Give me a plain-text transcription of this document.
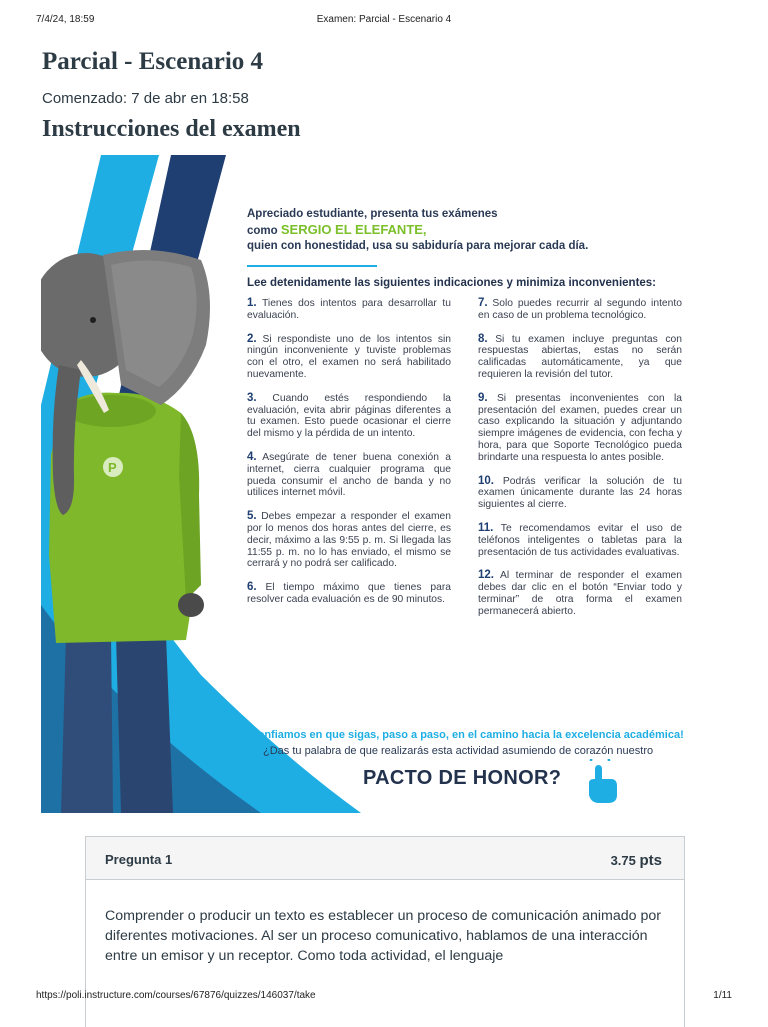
7/4/24, 18:59	Examen: Parcial - Escenario 4
Parcial - Escenario 4
Comenzado: 7 de abr en 18:58
Instrucciones del examen
P
Apreciado estudiante, presenta tus exámenes
como SERGIO EL ELEFANTE,
quien con honestidad, usa su sabiduría para mejorar cada día.
Lee detenidamente las siguientes indicaciones y minimiza inconvenientes:
1. Tienes dos intentos para desarrollar tu evaluación.
2. Si respondiste uno de los intentos sin ningún inconveniente y tuviste problemas con el otro, el examen no será habilitado nuevamente.
3. Cuando estés respondiendo la evaluación, evita abrir páginas diferentes a tu examen. Esto puede ocasionar el cierre del mismo y la pérdida de un intento.
4. Asegúrate de tener buena conexión a internet, cierra cualquier programa que pueda consumir el ancho de banda y no utilices internet móvil.
5. Debes empezar a responder el examen por lo menos dos horas antes del cierre, es decir, máximo a las 9:55 p. m. Si llegada las 11:55 p. m. no lo has enviado, el mismo se cerrará y no podrá ser calificado.
6. El tiempo máximo que tienes para resolver cada evaluación es de 90 minutos.
7. Solo puedes recurrir al segundo intento en caso de un problema tecnológico.
8. Si tu examen incluye preguntas con respuestas abiertas, estas no serán calificadas automáticamente, ya que requieren la revisión del tutor.
9. Si presentas inconvenientes con la presentación del examen, puedes crear un caso explicando la situación y adjuntando siempre imágenes de evidencia, con fecha y hora, para que Soporte Tecnológico pueda brindarte una respuesta lo antes posible.
10. Podrás verificar la solución de tu examen únicamente durante las 24 horas siguientes al cierre.
11. Te recomendamos evitar el uso de teléfonos inteligentes o tabletas para la presentación de tus actividades evaluativas.
12. Al terminar de responder el examen debes dar clic en el botón “Enviar todo y terminar” de otra forma el examen permanecerá abierto.
¡Confiamos en que sigas, paso a paso, en el camino hacia la excelencia académica!
¿Das tu palabra de que realizarás esta actividad asumiendo de corazón nuestro
PACTO DE HONOR?
Pregunta 1	3.75 pts
Comprender o producir un texto es establecer un proceso de comunicación animado por diferentes motivaciones. Al ser un proceso comunicativo, hablamos de una interacción entre un emisor y un receptor. Como toda actividad, el lenguaje
https://poli.instructure.com/courses/67876/quizzes/146037/take	1/11
